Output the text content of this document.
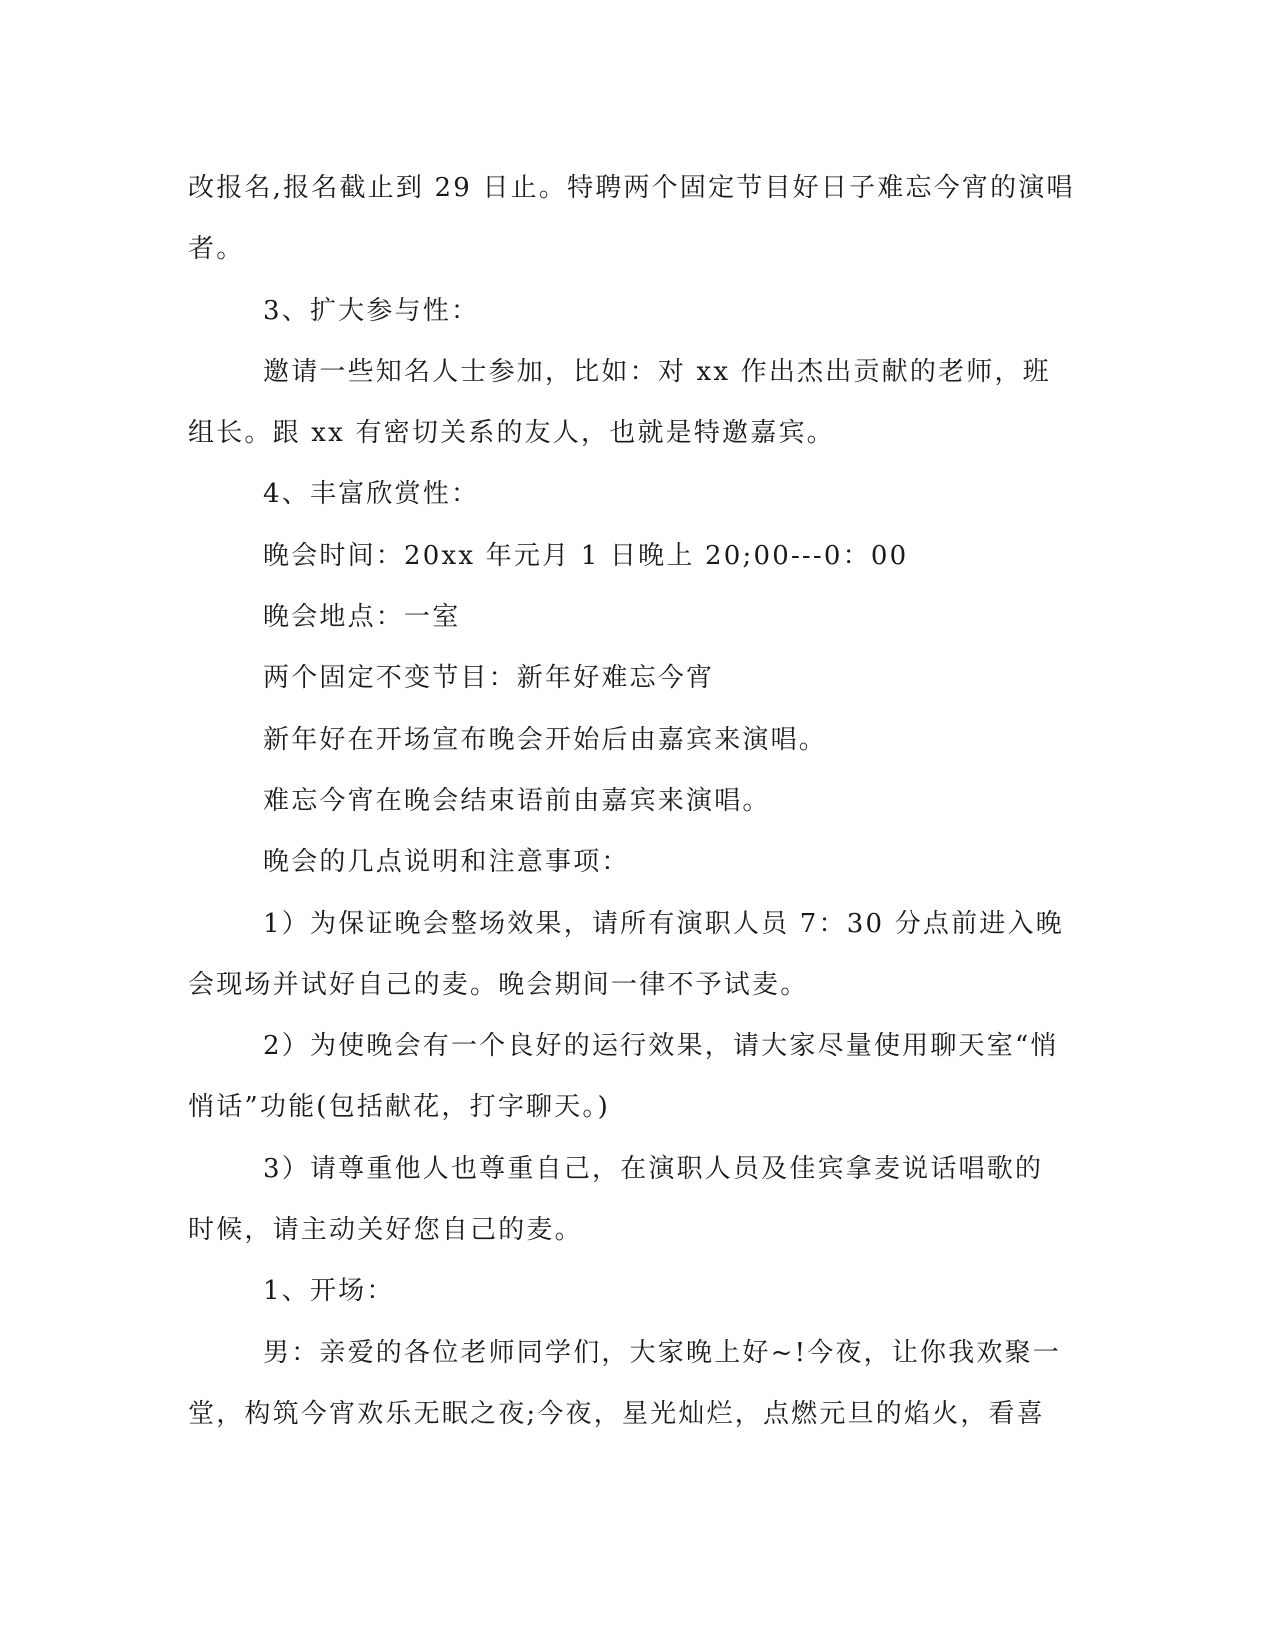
改报名,报名截止到 29 日止。特聘两个固定节目好日子难忘今宵的演唱

者。

3、扩大参与性：

邀请一些知名人士参加，比如：对 xx 作出杰出贡献的老师，班

组长。跟 xx 有密切关系的友人，也就是特邀嘉宾。

4、丰富欣赏性：

晚会时间：20xx 年元月 1 日晚上 20;00---0：00

晚会地点：一室

两个固定不变节目：新年好难忘今宵

新年好在开场宣布晚会开始后由嘉宾来演唱。

难忘今宵在晚会结束语前由嘉宾来演唱。

晚会的几点说明和注意事项：

1）为保证晚会整场效果，请所有演职人员 7：30 分点前进入晚

会现场并试好自己的麦。晚会期间一律不予试麦。

2）为使晚会有一个良好的运行效果，请大家尽量使用聊天室“悄

悄话”功能(包括献花，打字聊天。)

3）请尊重他人也尊重自己，在演职人员及佳宾拿麦说话唱歌的

时候，请主动关好您自己的麦。

1、开场：

男：亲爱的各位老师同学们，大家晚上好~!今夜，让你我欢聚一

堂，构筑今宵欢乐无眠之夜;今夜，星光灿烂，点燃元旦的焰火，看喜
